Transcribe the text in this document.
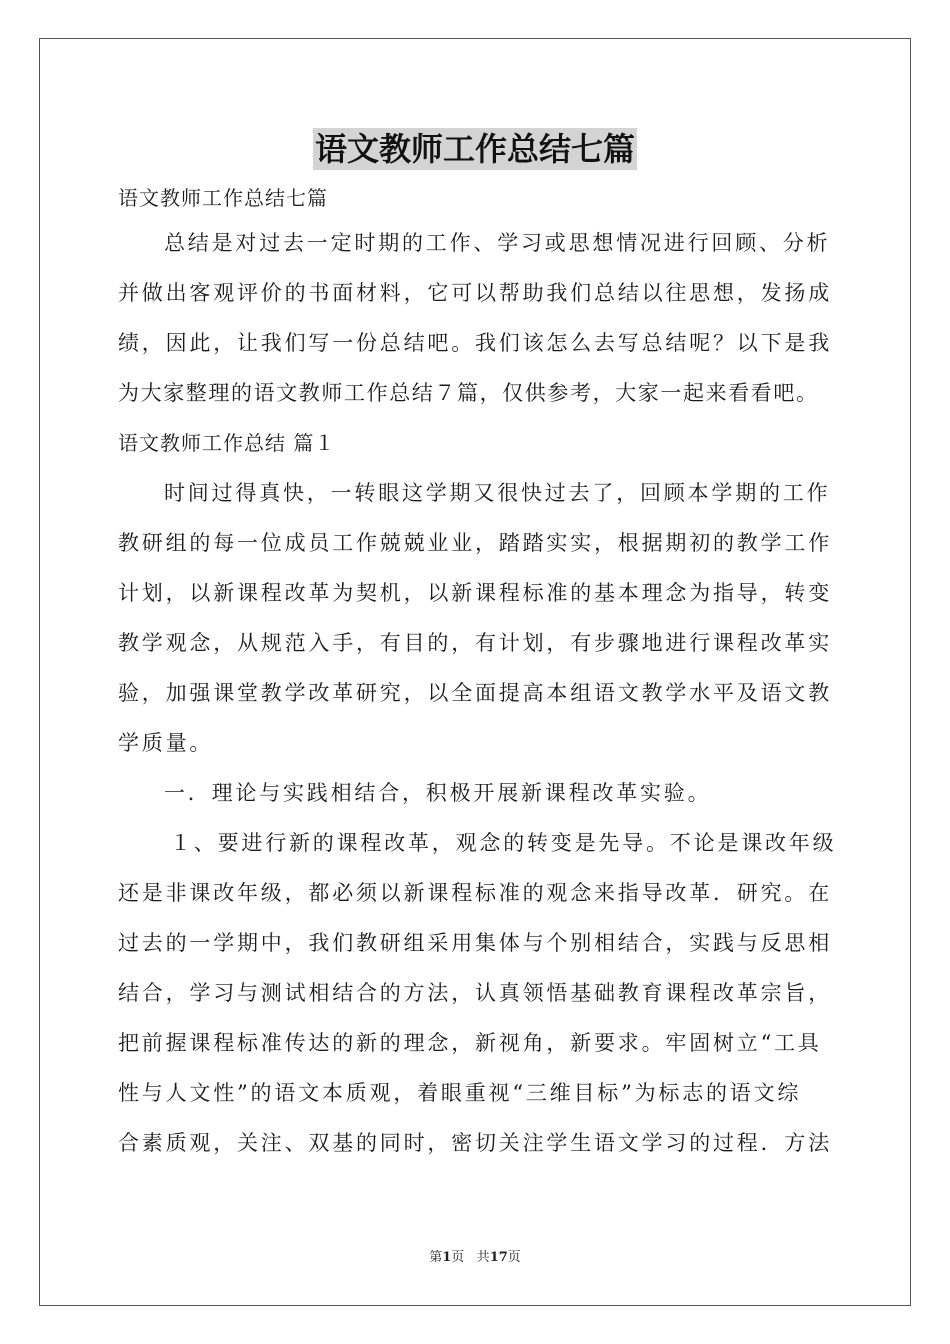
语文教师工作总结七篇
语文教师工作总结七篇
总结是对过去一定时期的工作、学习或思想情况进行回顾、分析
并做出客观评价的书面材料，它可以帮助我们总结以往思想，发扬成
绩，因此，让我们写一份总结吧。我们该怎么去写总结呢？以下是我
为大家整理的语文教师工作总结７篇，仅供参考，大家一起来看看吧。
语文教师工作总结 篇１
时间过得真快，一转眼这学期又很快过去了，回顾本学期的工作
教研组的每一位成员工作兢兢业业，踏踏实实，根据期初的教学工作
计划，以新课程改革为契机，以新课程标准的基本理念为指导，转变
教学观念，从规范入手，有目的，有计划，有步骤地进行课程改革实
验，加强课堂教学改革研究，以全面提高本组语文教学水平及语文教
学质量。
一．理论与实践相结合，积极开展新课程改革实验。
１、要进行新的课程改革，观念的转变是先导。不论是课改年级
还是非课改年级，都必须以新课程标准的观念来指导改革．研究。在
过去的一学期中，我们教研组采用集体与个别相结合，实践与反思相
结合，学习与测试相结合的方法，认真领悟基础教育课程改革宗旨，
把前握课程标准传达的新的理念，新视角，新要求。牢固树立“工具
性与人文性”的语文本质观，着眼重视“三维目标”为标志的语文综
合素质观，关注、双基的同时，密切关注学生语文学习的过程．方法
第1页 共17页
